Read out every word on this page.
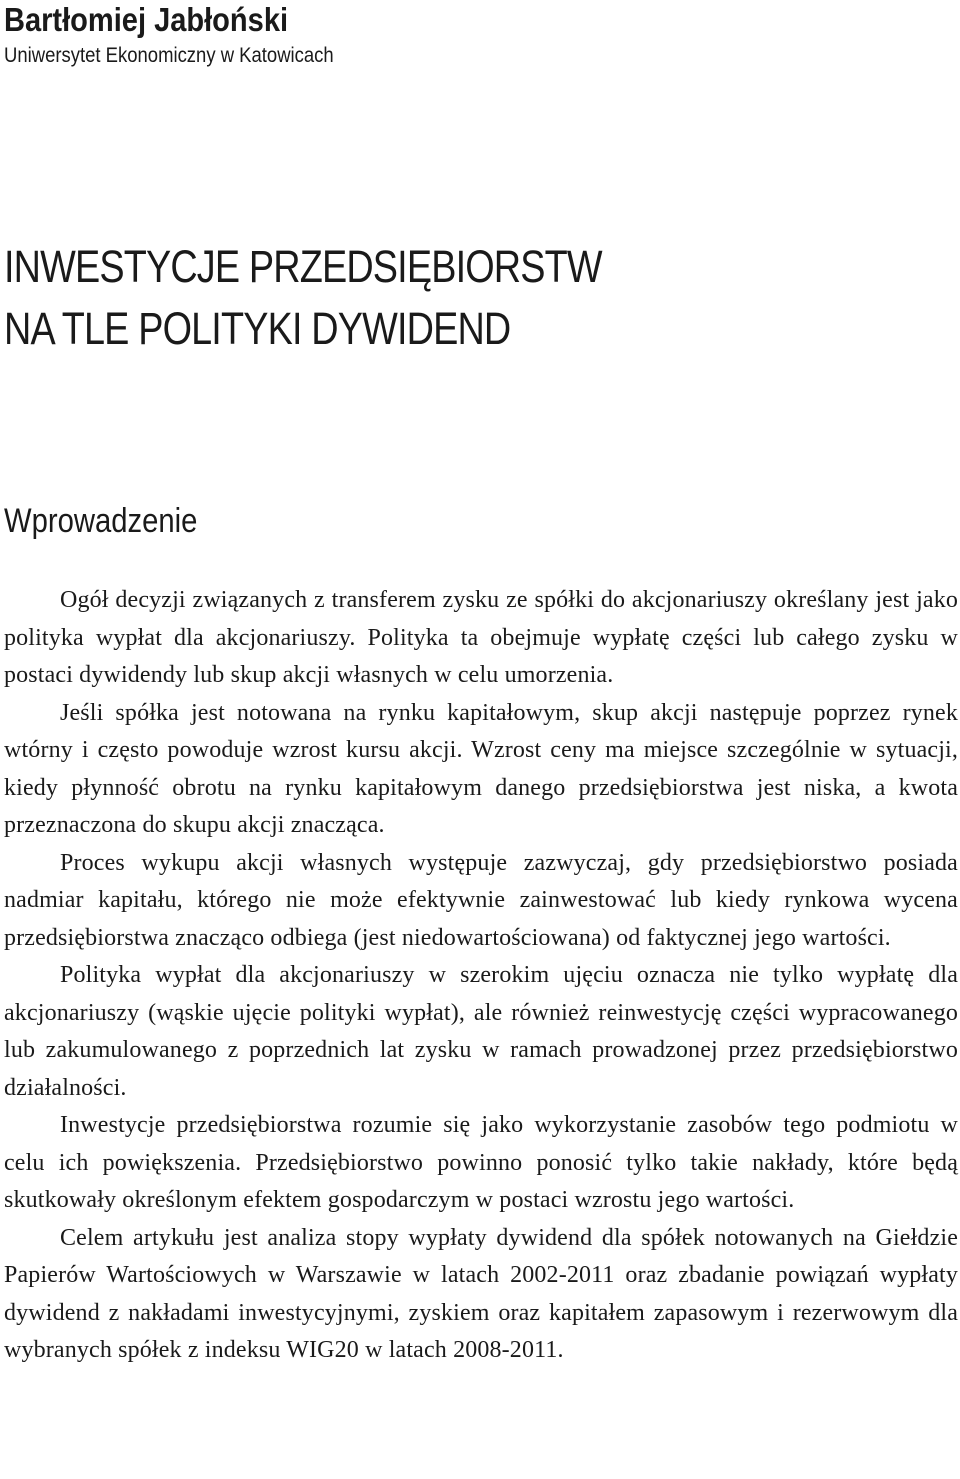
Bartłomiej Jabłoński
Uniwersytet Ekonomiczny w Katowicach
INWESTYCJE PRZEDSIĘBIORSTW
NA TLE POLITYKI DYWIDEND
Wprowadzenie

Ogół decyzji związanych z transferem zysku ze spółki do akcjonariuszy określany jest jako polityka wypłat dla akcjonariuszy. Polityka ta obejmuje wypłatę części lub całego zysku w postaci dywidendy lub skup akcji własnych w celu umorzenia.

Jeśli spółka jest notowana na rynku kapitałowym, skup akcji następuje poprzez rynek wtórny i często powoduje wzrost kursu akcji. Wzrost ceny ma miejsce szczególnie w sytuacji, kiedy płynność obrotu na rynku kapitałowym danego przedsiębiorstwa jest niska, a kwota przeznaczona do skupu akcji znacząca.

Proces wykupu akcji własnych występuje zazwyczaj, gdy przedsiębiorstwo posiada nadmiar kapitału, którego nie może efektywnie zainwestować lub kiedy rynkowa wycena przedsiębiorstwa znacząco odbiega (jest niedowartościowana) od faktycznej jego wartości.

Polityka wypłat dla akcjonariuszy w szerokim ujęciu oznacza nie tylko wypłatę dla akcjonariuszy (wąskie ujęcie polityki wypłat), ale również reinwestycję części wypracowanego lub zakumulowanego z poprzednich lat zysku w ramach prowadzonej przez przedsiębiorstwo działalności.

Inwestycje przedsiębiorstwa rozumie się jako wykorzystanie zasobów tego podmiotu w celu ich powiększenia. Przedsiębiorstwo powinno ponosić tylko takie nakłady, które będą skutkowały określonym efektem gospodarczym w postaci wzrostu jego wartości.

Celem artykułu jest analiza stopy wypłaty dywidend dla spółek notowanych na Giełdzie Papierów Wartościowych w Warszawie w latach 2002-2011 oraz zbadanie powiązań wypłaty dywidend z nakładami inwestycyjnymi, zyskiem oraz kapitałem zapasowym i rezerwowym dla wybranych spółek z indeksu WIG20 w latach 2008-2011.
